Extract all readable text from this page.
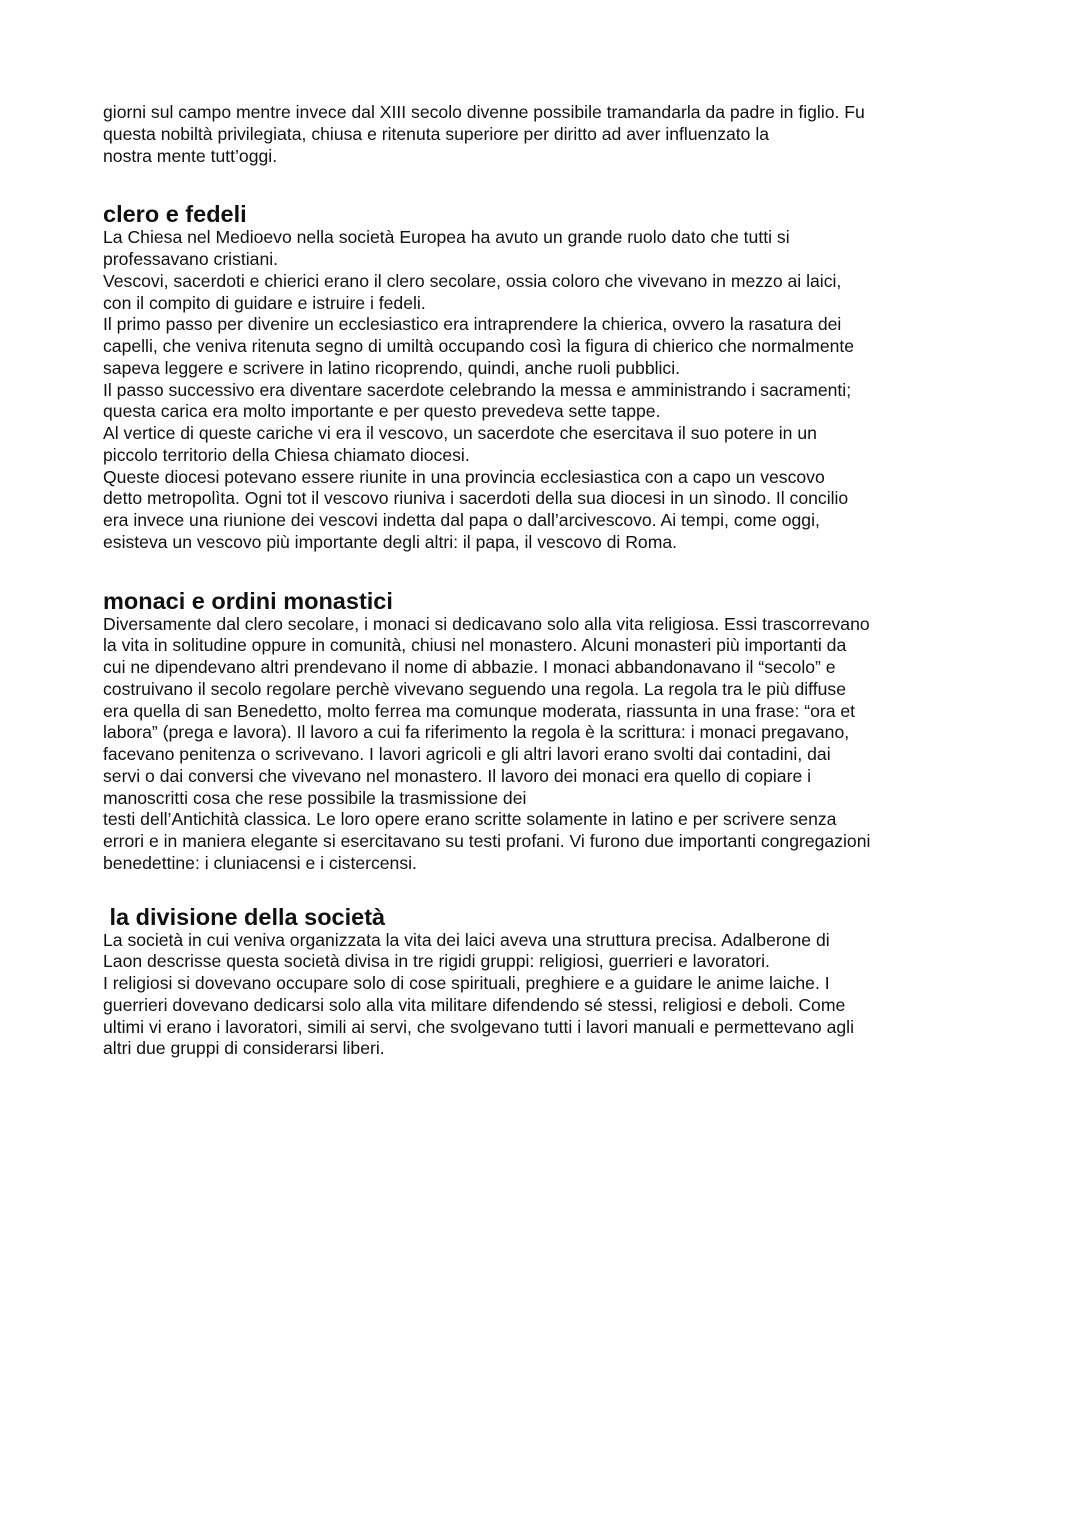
giorni sul campo mentre invece dal XIII secolo divenne possibile tramandarla da padre in figlio. Fu
questa nobiltà privilegiata, chiusa e ritenuta superiore per diritto ad aver influenzato la
nostra mente tutt’oggi.
clero e fedeli
La Chiesa nel Medioevo nella società Europea ha avuto un grande ruolo dato che tutti si
professavano cristiani.
Vescovi, sacerdoti e chierici erano il clero secolare, ossia coloro che vivevano in mezzo ai laici,
con il compito di guidare e istruire i fedeli.
Il primo passo per divenire un ecclesiastico era intraprendere la chierica, ovvero la rasatura dei
capelli, che veniva ritenuta segno di umiltà occupando così la figura di chierico che normalmente
sapeva leggere e scrivere in latino ricoprendo, quindi, anche ruoli pubblici.
Il passo successivo era diventare sacerdote celebrando la messa e amministrando i sacramenti;
questa carica era molto importante e per questo prevedeva sette tappe.
Al vertice di queste cariche vi era il vescovo, un sacerdote che esercitava il suo potere in un
piccolo territorio della Chiesa chiamato diocesi.
Queste diocesi potevano essere riunite in una provincia ecclesiastica con a capo un vescovo
detto metropolìta. Ogni tot il vescovo riuniva i sacerdoti della sua diocesi in un sìnodo. Il concilio
era invece una riunione dei vescovi indetta dal papa o dall’arcivescovo. Ai tempi, come oggi,
esisteva un vescovo più importante degli altri: il papa, il vescovo di Roma.
monaci e ordini monastici
Diversamente dal clero secolare, i monaci si dedicavano solo alla vita religiosa. Essi trascorrevano
la vita in solitudine oppure in comunità, chiusi nel monastero. Alcuni monasteri più importanti da
cui ne dipendevano altri prendevano il nome di abbazie. I monaci abbandonavano il “secolo” e
costruivano il secolo regolare perchè vivevano seguendo una regola. La regola tra le più diffuse
era quella di san Benedetto, molto ferrea ma comunque moderata, riassunta in una frase: “ora et
labora” (prega e lavora). Il lavoro a cui fa riferimento la regola è la scrittura: i monaci pregavano,
facevano penitenza o scrivevano. I lavori agricoli e gli altri lavori erano svolti dai contadini, dai
servi o dai conversi che vivevano nel monastero. Il lavoro dei monaci era quello di copiare i
manoscritti cosa che rese possibile la trasmissione dei
testi dell’Antichità classica. Le loro opere erano scritte solamente in latino e per scrivere senza
errori e in maniera elegante si esercitavano su testi profani. Vi furono due importanti congregazioni
benedettine: i cluniacensi e i cistercensi.
la divisione della società
La società in cui veniva organizzata la vita dei laici aveva una struttura precisa. Adalberone di
Laon descrisse questa società divisa in tre rigidi gruppi: religiosi, guerrieri e lavoratori.
I religiosi si dovevano occupare solo di cose spirituali, preghiere e a guidare le anime laiche. I
guerrieri dovevano dedicarsi solo alla vita militare difendendo sé stessi, religiosi e deboli. Come
ultimi vi erano i lavoratori, simili ai servi, che svolgevano tutti i lavori manuali e permettevano agli
altri due gruppi di considerarsi liberi.
